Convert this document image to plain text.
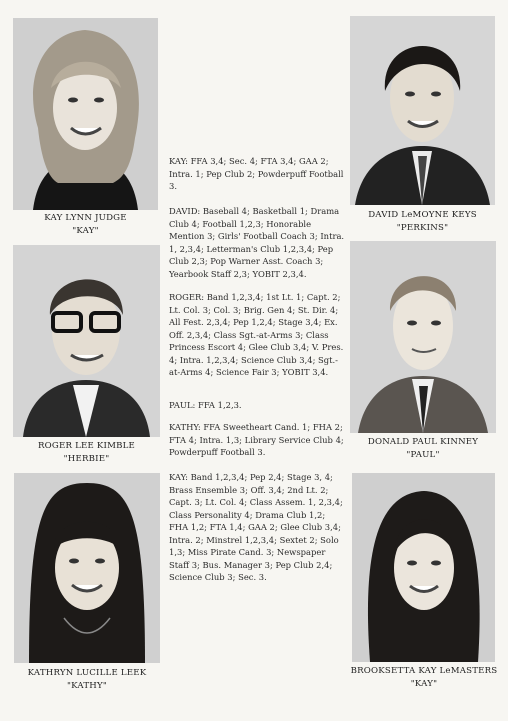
KAY LYNN JUDGE
"KAY"
DAVID LeMOYNE KEYS
"PERKINS"
ROGER LEE KIMBLE
"HERBIE"
DONALD PAUL KINNEY
"PAUL"
KATHRYN LUCILLE LEEK
"KATHY"
BROOKSETTA KAY LeMASTERS
"KAY"

KAY: FFA 3,4; Sec. 4; FTA 3,4; GAA 2; Intra. 1; Pep Club 2; Powderpuff Football 3.

DAVID: Baseball 4; Basketball 1; Drama Club 4; Football 1,2,3; Honorable Mention 3; Girls' Football Coach 3; Intra. 1, 2,3,4; Letterman's Club 1,2,3,4; Pep Club 2,3; Pop Warner Asst. Coach 3; Yearbook Staff 2,3; YOBIT 2,3,4.

ROGER: Band 1,2,3,4; 1st Lt. 1; Capt. 2; Lt. Col. 3; Col. 3; Brig. Gen 4; St. Dir. 4; All Fest. 2,3,4; Pep 1,2,4; Stage 3,4; Ex. Off. 2,3,4; Class Sgt.-at-Arms 3; Class Princess Escort 4; Glee Club 3,4; V. Pres. 4; Intra. 1,2,3,4; Science Club 3,4; Sgt.-at-Arms 4; Science Fair 3; YOBIT 3,4.

PAUL: FFA 1,2,3.

KATHY: FFA Sweetheart Cand. 1; FHA 2; FTA 4; Intra. 1,3; Library Service Club 4; Powderpuff Football 3.

KAY: Band 1,2,3,4; Pep 2,4; Stage 3, 4; Brass Ensemble 3; Off. 3,4; 2nd Lt. 2; Capt. 3; Lt. Col. 4; Class Assem. 1, 2,3,4; Class Personality 4; Drama Club 1,2; FHA 1,2; FTA 1,4; GAA 2; Glee Club 3,4; Intra. 2; Minstrel 1,2,3,4; Sextet 2; Solo 1,3; Miss Pirate Cand. 3; Newspaper Staff 3; Bus. Manager 3; Pep Club 2,4; Science Club 3; Sec. 3.
